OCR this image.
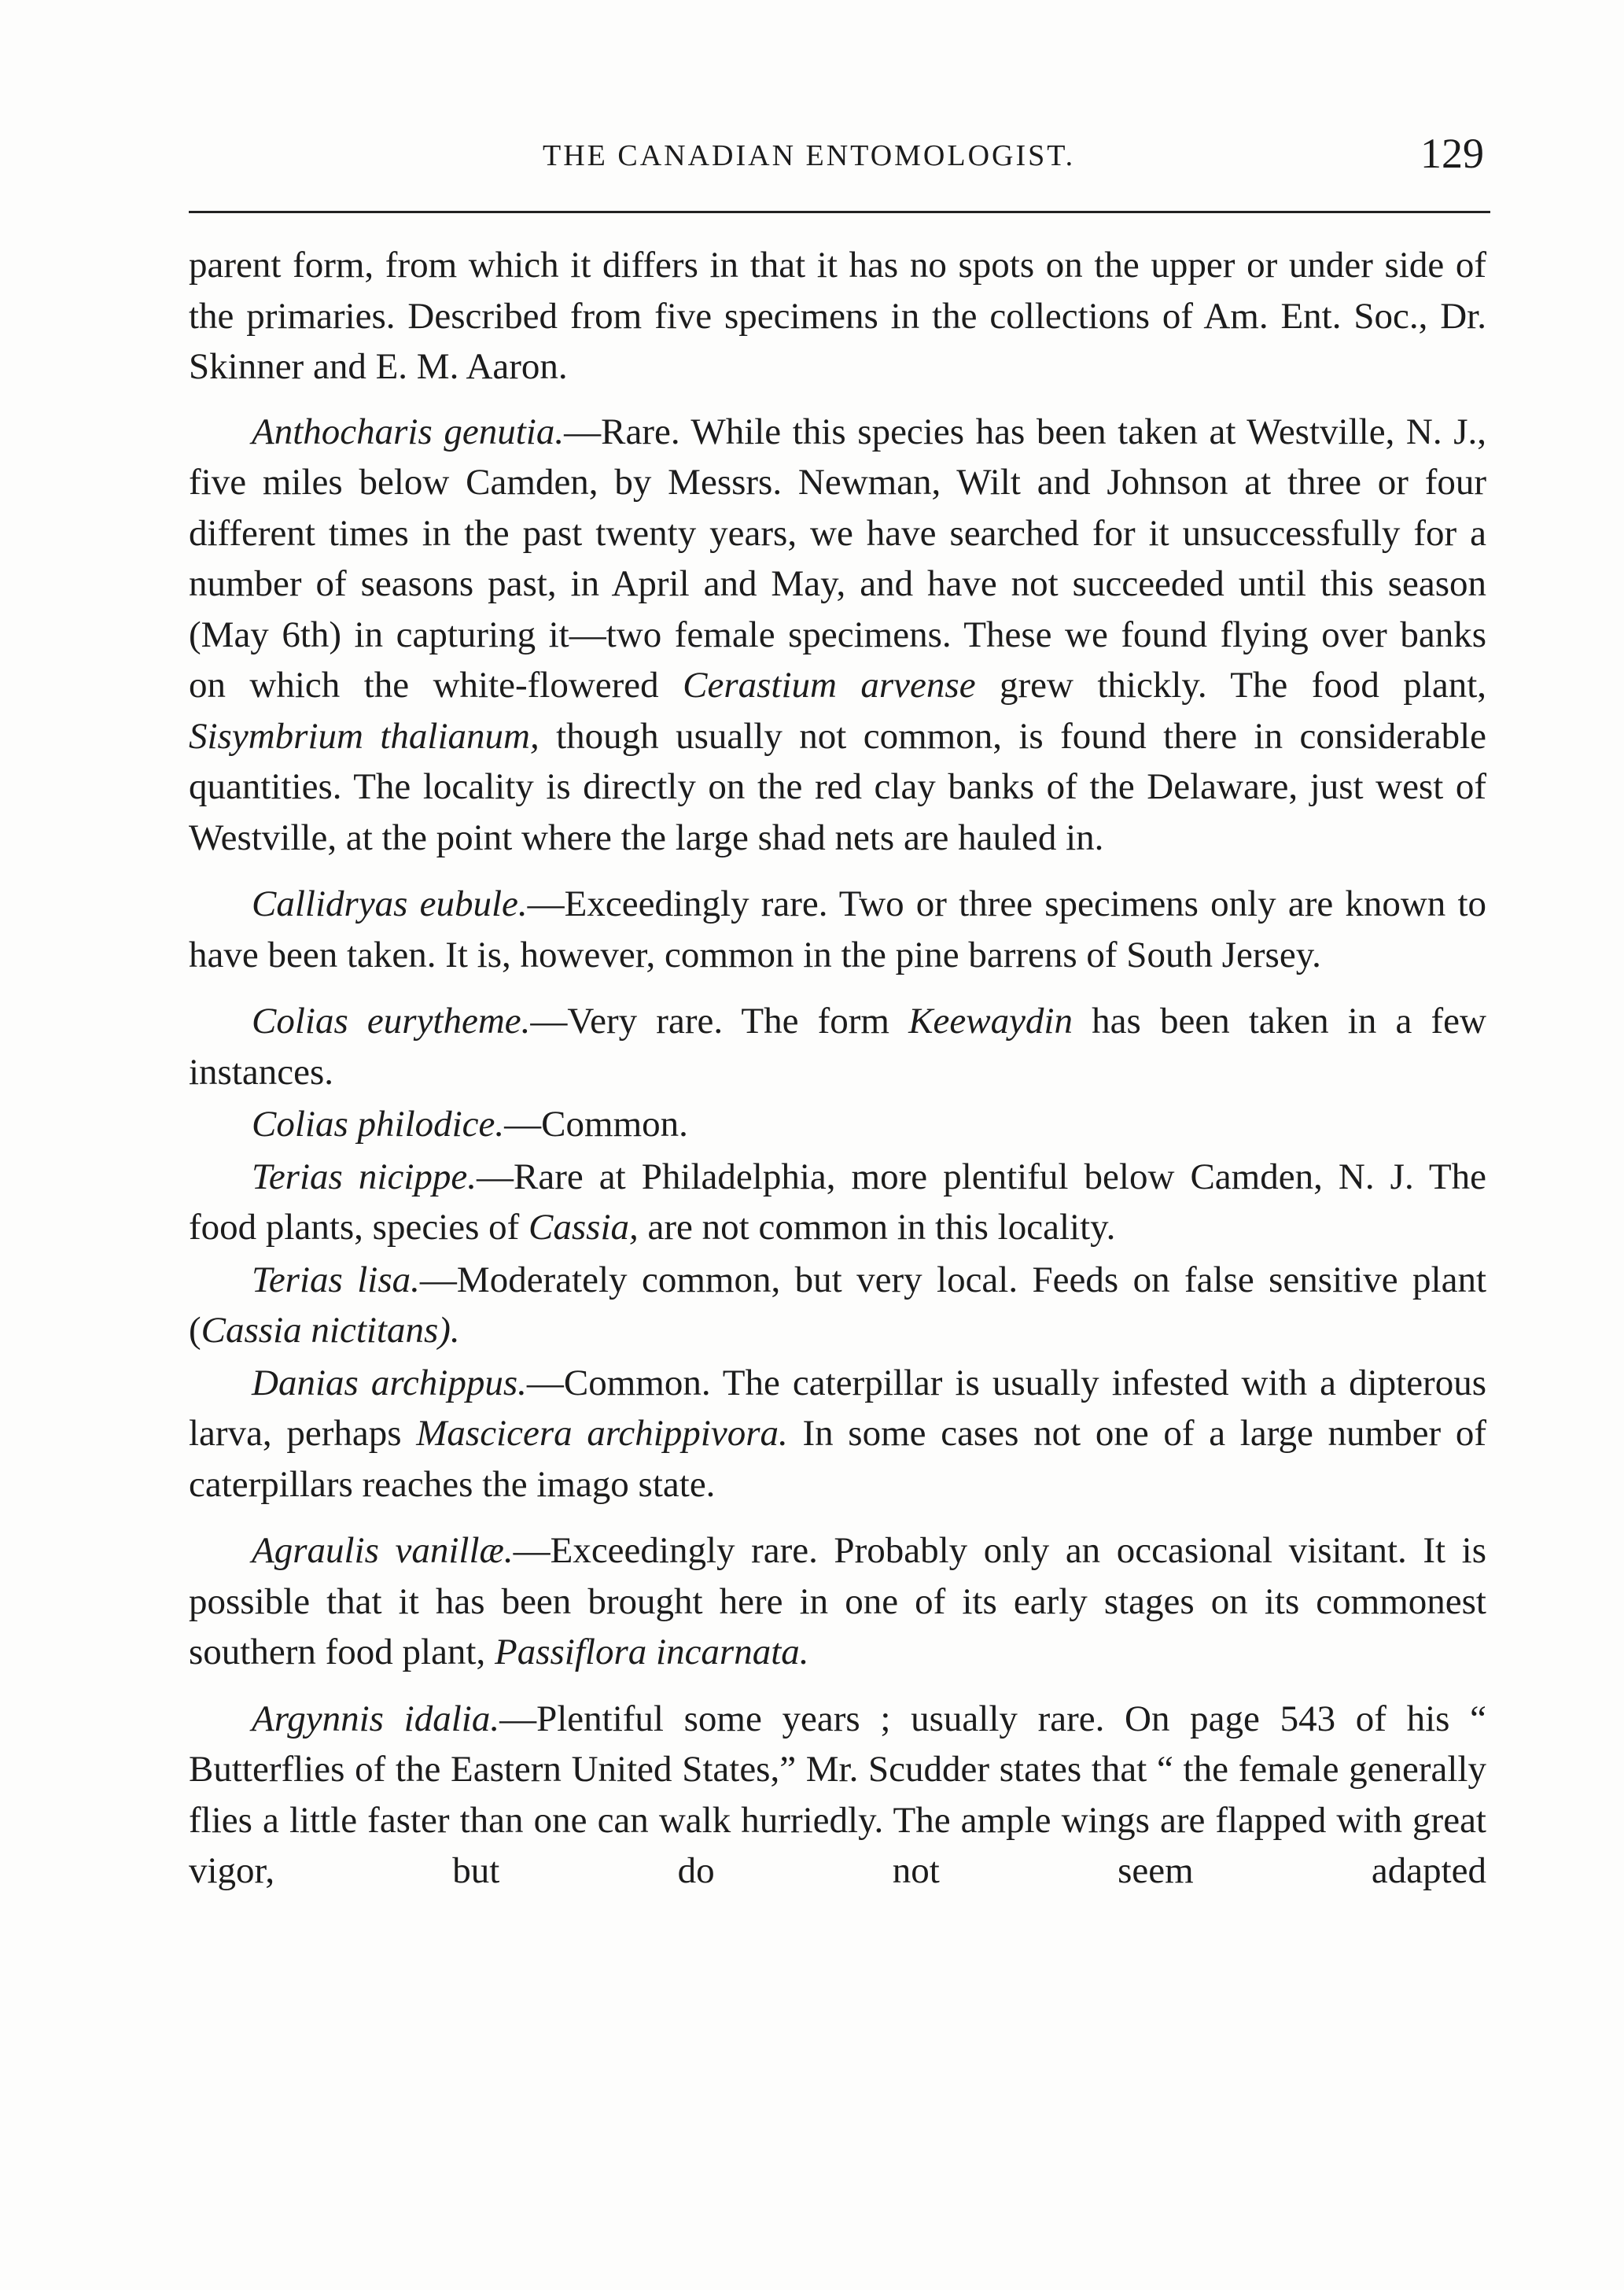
THE CANADIAN ENTOMOLOGIST.	129

parent form, from which it differs in that it has no spots on the upper or under side of the primaries. Described from five specimens in the collections of Am. Ent. Soc., Dr. Skinner and E. M. Aaron.

Anthocharis genutia.—Rare. While this species has been taken at Westville, N. J., five miles below Camden, by Messrs. Newman, Wilt and Johnson at three or four different times in the past twenty years, we have searched for it unsuccessfully for a number of seasons past, in April and May, and have not succeeded until this season (May 6th) in capturing it—two female specimens. These we found flying over banks on which the white-flowered Cerastium arvense grew thickly. The food plant, Sisymbrium thalianum, though usually not common, is found there in considerable quantities. The locality is directly on the red clay banks of the Delaware, just west of Westville, at the point where the large shad nets are hauled in.

Callidryas eubule.—Exceedingly rare. Two or three specimens only are known to have been taken. It is, however, common in the pine barrens of South Jersey.

Colias eurytheme.—Very rare. The form Keewaydin has been taken in a few instances.

Colias philodice.—Common.

Terias nicippe.—Rare at Philadelphia, more plentiful below Camden, N. J. The food plants, species of Cassia, are not common in this locality.

Terias lisa.—Moderately common, but very local. Feeds on false sensitive plant (Cassia nictitans).

Danias archippus.—Common. The caterpillar is usually infested with a dipterous larva, perhaps Mascicera archippivora. In some cases not one of a large number of caterpillars reaches the imago state.

Agraulis vanillæ.—Exceedingly rare. Probably only an occasional visitant. It is possible that it has been brought here in one of its early stages on its commonest southern food plant, Passiflora incarnata.

Argynnis idalia.—Plentiful some years ; usually rare. On page 543 of his “ Butterflies of the Eastern United States,” Mr. Scudder states that “ the female generally flies a little faster than one can walk hurriedly. The ample wings are flapped with great vigor, but do not seem adapted
